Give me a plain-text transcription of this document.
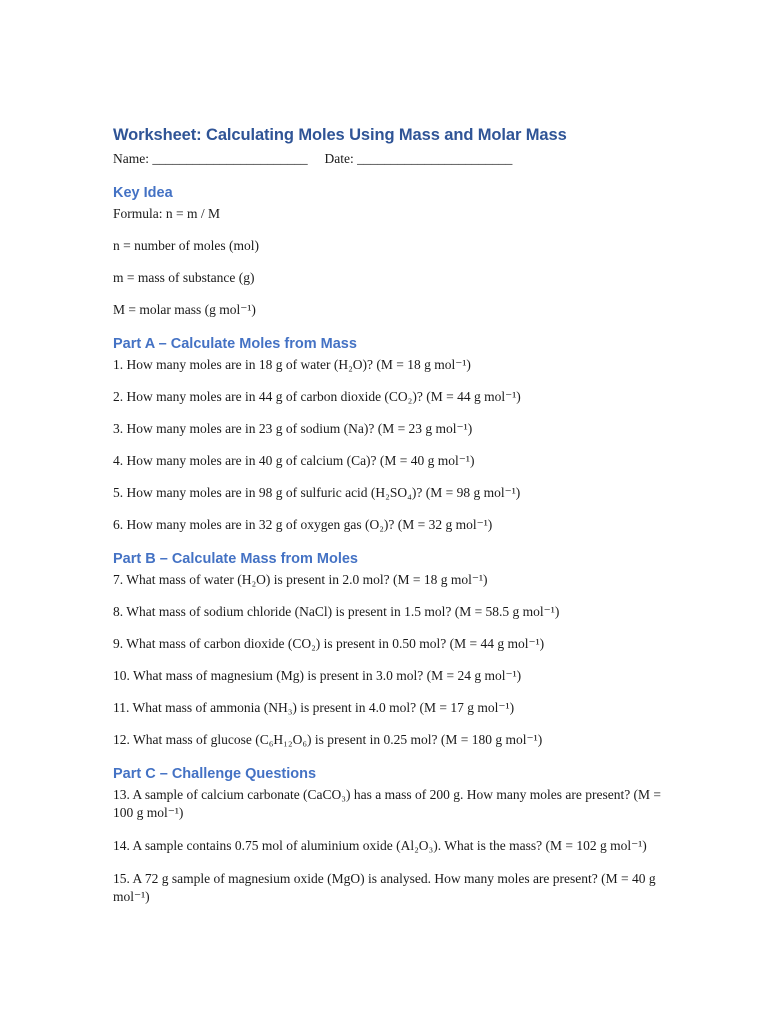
Worksheet: Calculating Moles Using Mass and Molar Mass
Name: _______________________ Date: _______________________
Key Idea

Formula: n = m / M

n = number of moles (mol)

m = mass of substance (g)

M = molar mass (g mol⁻¹)

Part A – Calculate Moles from Mass

1. How many moles are in 18 g of water (H₂O)? (M = 18 g mol⁻¹)

2. How many moles are in 44 g of carbon dioxide (CO₂)? (M = 44 g mol⁻¹)

3. How many moles are in 23 g of sodium (Na)? (M = 23 g mol⁻¹)

4. How many moles are in 40 g of calcium (Ca)? (M = 40 g mol⁻¹)

5. How many moles are in 98 g of sulfuric acid (H₂SO₄)? (M = 98 g mol⁻¹)

6. How many moles are in 32 g of oxygen gas (O₂)? (M = 32 g mol⁻¹)

Part B – Calculate Mass from Moles

7. What mass of water (H₂O) is present in 2.0 mol? (M = 18 g mol⁻¹)

8. What mass of sodium chloride (NaCl) is present in 1.5 mol? (M = 58.5 g mol⁻¹)

9. What mass of carbon dioxide (CO₂) is present in 0.50 mol? (M = 44 g mol⁻¹)

10. What mass of magnesium (Mg) is present in 3.0 mol? (M = 24 g mol⁻¹)

11. What mass of ammonia (NH₃) is present in 4.0 mol? (M = 17 g mol⁻¹)

12. What mass of glucose (C₆H₁₂O₆) is present in 0.25 mol? (M = 180 g mol⁻¹)

Part C – Challenge Questions

13. A sample of calcium carbonate (CaCO₃) has a mass of 200 g. How many moles are present? (M = 100 g mol⁻¹)

14. A sample contains 0.75 mol of aluminium oxide (Al₂O₃). What is the mass? (M = 102 g mol⁻¹)

15. A 72 g sample of magnesium oxide (MgO) is analysed. How many moles are present? (M = 40 g mol⁻¹)
